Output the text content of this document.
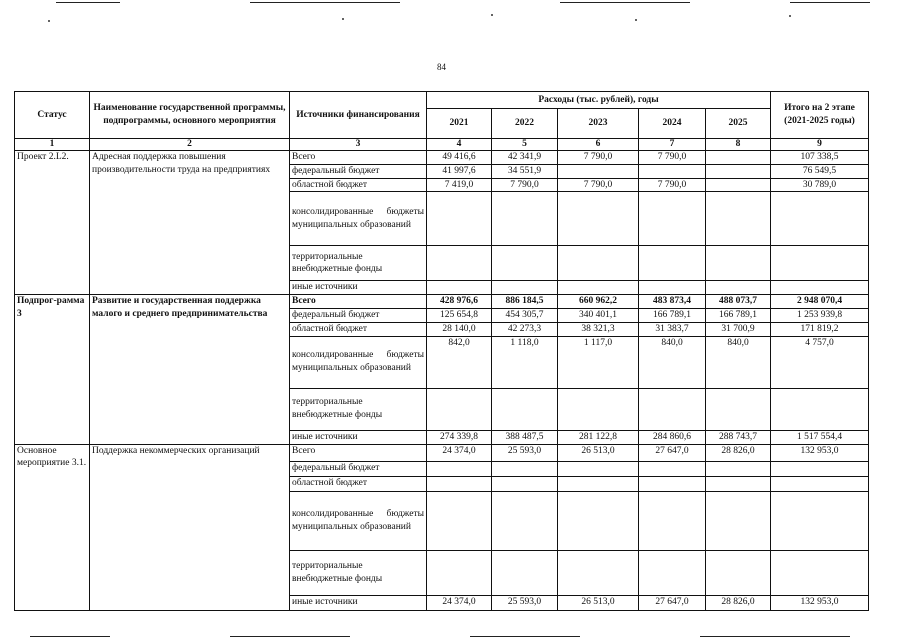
84
Статус	Наименование государственной программы, подпрограммы, основного мероприятия	Источники финансирования	Расходы (тыс. рублей), годы					Итого на 2 этапе (2021-2025 годы)
			2021	2022	2023	2024	2025	
1	2	3	4	5	6	7	8	9
Проект 2.L2.	Адресная поддержка повышения производительности труда на предприятиях	Всего	49 416,6	42 341,9	7 790,0	7 790,0		107 338,5
		федеральный бюджет	41 997,6	34 551,9				76 549,5
		областной бюджет	7 419,0	7 790,0	7 790,0	7 790,0		30 789,0
		консолидированные бюджеты муниципальных образований						
		территориальные внебюджетные фонды						
		иные источники						
Подпрог-рамма 3	Развитие и государственная поддержка малого и среднего предпринимательства	Всего	428 976,6	886 184,5	660 962,2	483 873,4	488 073,7	2 948 070,4
		федеральный бюджет	125 654,8	454 305,7	340 401,1	166 789,1	166 789,1	1 253 939,8
		областной бюджет	28 140,0	42 273,3	38 321,3	31 383,7	31 700,9	171 819,2
		консолидированные бюджеты муниципальных образований	842,0	1 118,0	1 117,0	840,0	840,0	4 757,0
		территориальные внебюджетные фонды						
		иные источники	274 339,8	388 487,5	281 122,8	284 860,6	288 743,7	1 517 554,4
Основное мероприятие 3.1.	Поддержка некоммерческих организаций	Всего	24 374,0	25 593,0	26 513,0	27 647,0	28 826,0	132 953,0
		федеральный бюджет						
		областной бюджет						
		консолидированные бюджеты муниципальных образований						
		территориальные внебюджетные фонды						
		иные источники	24 374,0	25 593,0	26 513,0	27 647,0	28 826,0	132 953,0
